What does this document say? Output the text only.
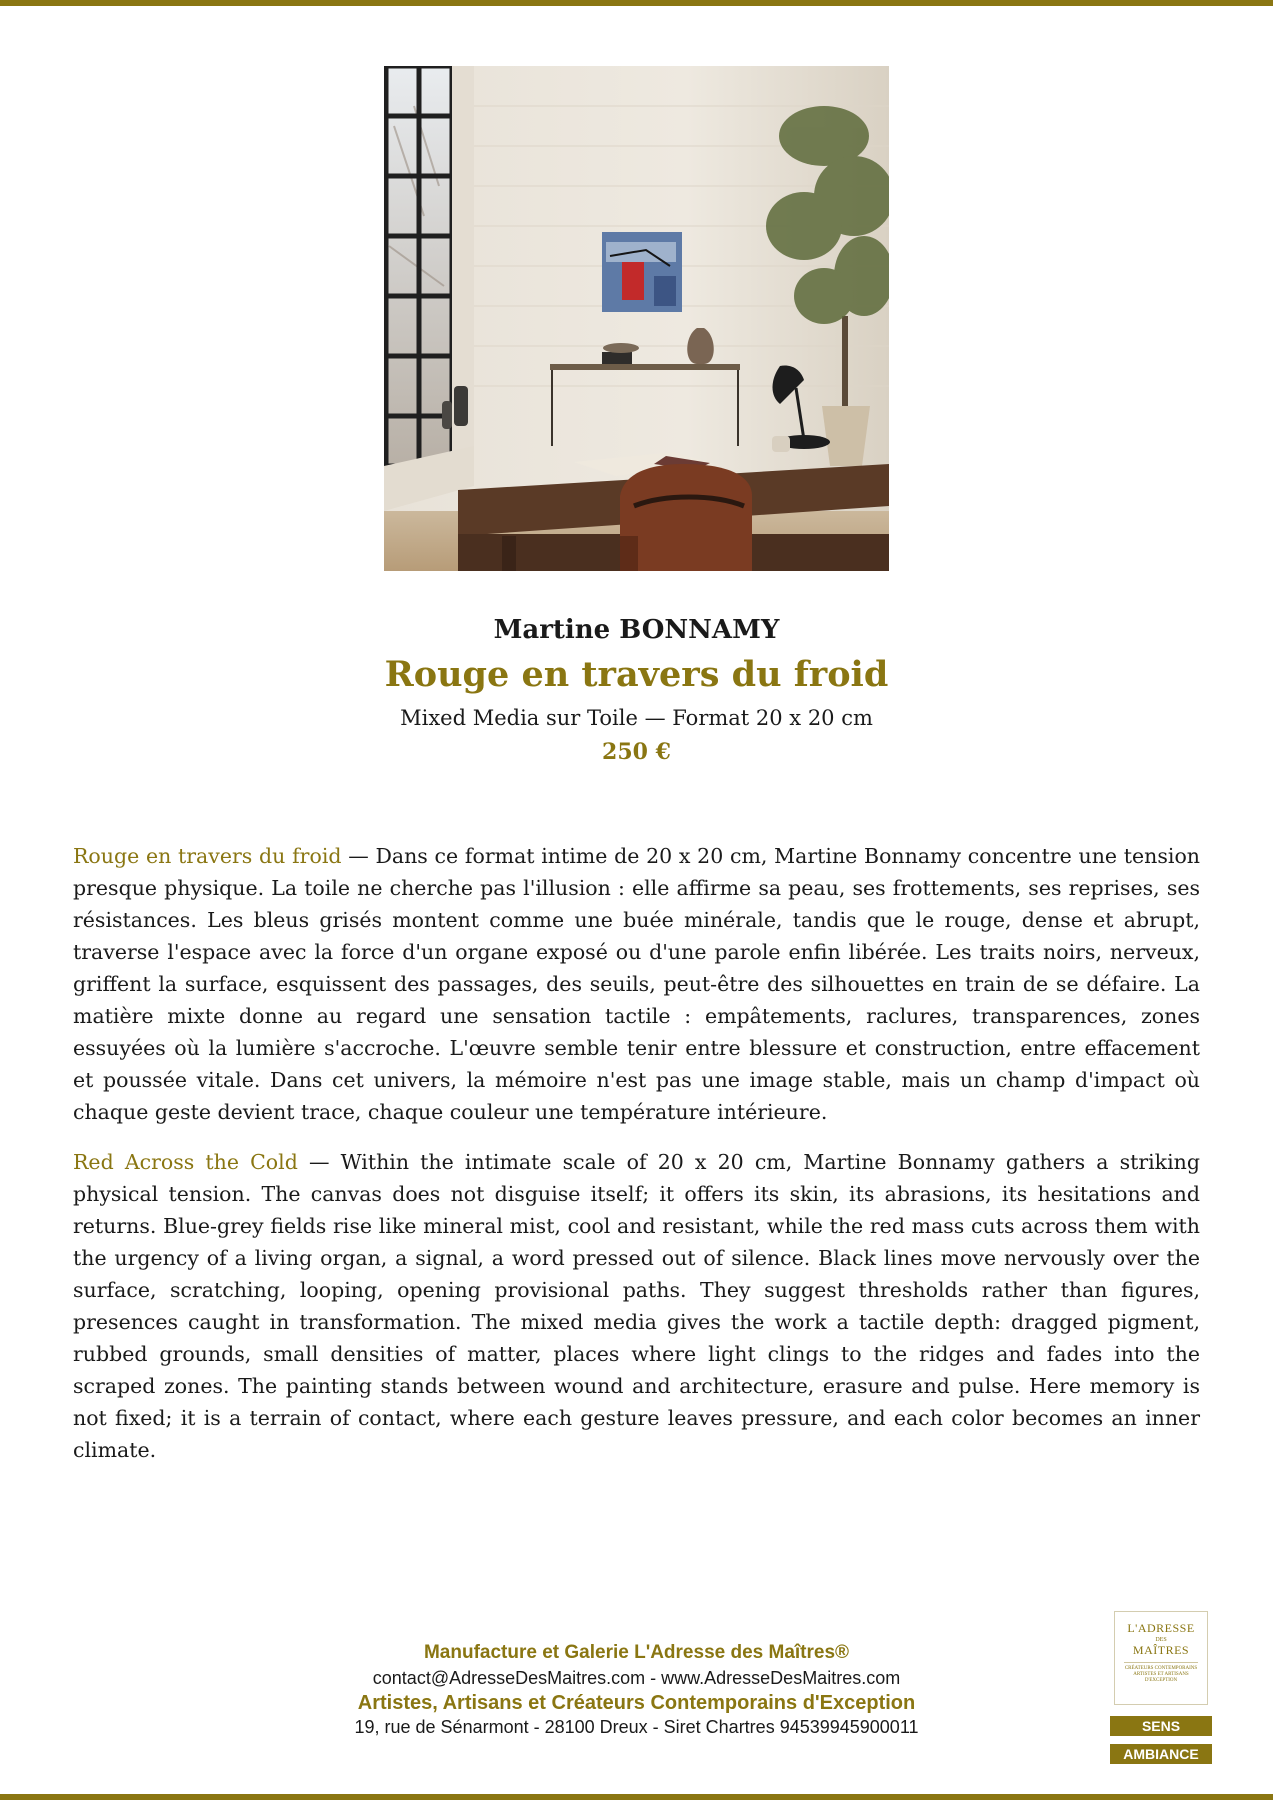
Martine BONNAMY
Rouge en travers du froid
Mixed Media sur Toile — Format 20 x 20 cm
250 €
Rouge en travers du froid — Dans ce format intime de 20 x 20 cm, Martine Bonnamy concentre une tension presque physique. La toile ne cherche pas l'illusion : elle affirme sa peau, ses frottements, ses reprises, ses résistances. Les bleus grisés montent comme une buée minérale, tandis que le rouge, dense et abrupt, traverse l'espace avec la force d'un organe exposé ou d'une parole enfin libérée. Les traits noirs, nerveux, griffent la surface, esquissent des passages, des seuils, peut-être des silhouettes en train de se défaire. La matière mixte donne au regard une sensation tactile : empâtements, raclures, transparences, zones essuyées où la lumière s'accroche. L'œuvre semble tenir entre blessure et construction, entre effacement et poussée vitale. Dans cet univers, la mémoire n'est pas une image stable, mais un champ d'impact où chaque geste devient trace, chaque couleur une température intérieure.
Red Across the Cold — Within the intimate scale of 20 x 20 cm, Martine Bonnamy gathers a striking physical tension. The canvas does not disguise itself; it offers its skin, its abrasions, its hesitations and returns. Blue-grey fields rise like mineral mist, cool and resistant, while the red mass cuts across them with the urgency of a living organ, a signal, a word pressed out of silence. Black lines move nervously over the surface, scratching, looping, opening provisional paths. They suggest thresholds rather than figures, presences caught in transformation. The mixed media gives the work a tactile depth: dragged pigment, rubbed grounds, small densities of matter, places where light clings to the ridges and fades into the scraped zones. The painting stands between wound and architecture, erasure and pulse. Here memory is not fixed; it is a terrain of contact, where each gesture leaves pressure, and each color becomes an inner climate.
Manufacture et Galerie L'Adresse des Maîtres®
contact@AdresseDesMaitres.com - www.AdresseDesMaitres.com
Artistes, Artisans et Créateurs Contemporains d'Exception
19, rue de Sénarmont - 28100 Dreux - Siret Chartres 94539945900011
L'ADRESSE
DES
MAÎTRES
CRÉATEURS CONTEMPORAINS ARTISTES ET ARTISANS D'EXCEPTION
SENS
AMBIANCE
